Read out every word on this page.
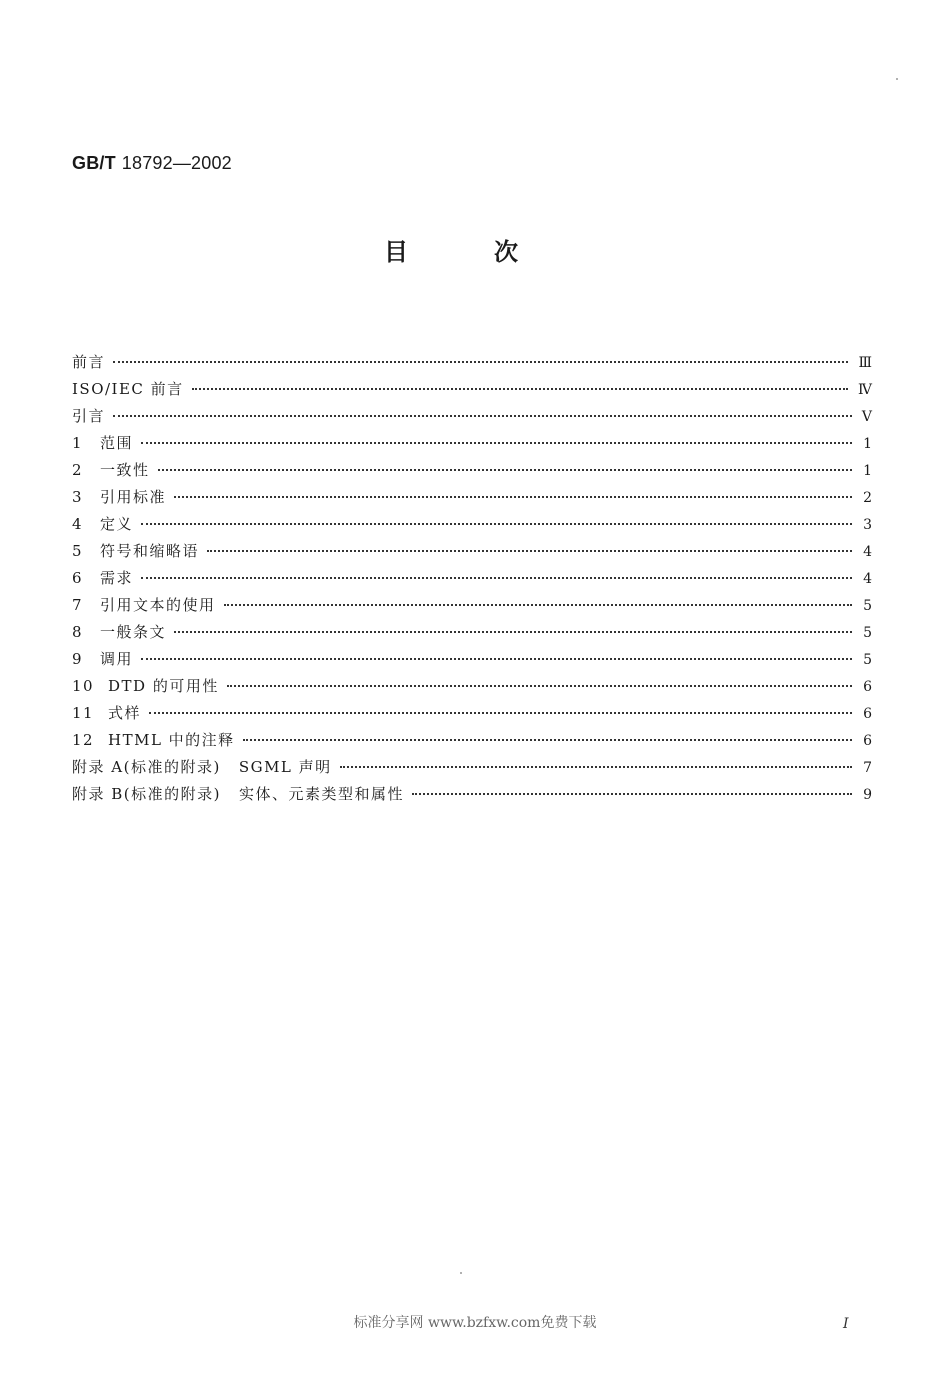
GB/T 18792—2002
目次
前言	Ⅲ
ISO/IEC 前言	Ⅳ
引言	Ⅴ
1	范围	1
2	一致性	1
3	引用标准	2
4	定义	3
5	符号和缩略语	4
6	需求	4
7	引用文本的使用	5
8	一般条文	5
9	调用	5
10 DTD 的可用性	6
11 式样	6
12 HTML 中的注释	6
附录 A(标准的附录) SGML 声明	7
附录 B(标准的附录) 实体、元素类型和属性	9
标准分享网 www.bzfxw.com免费下载	I
